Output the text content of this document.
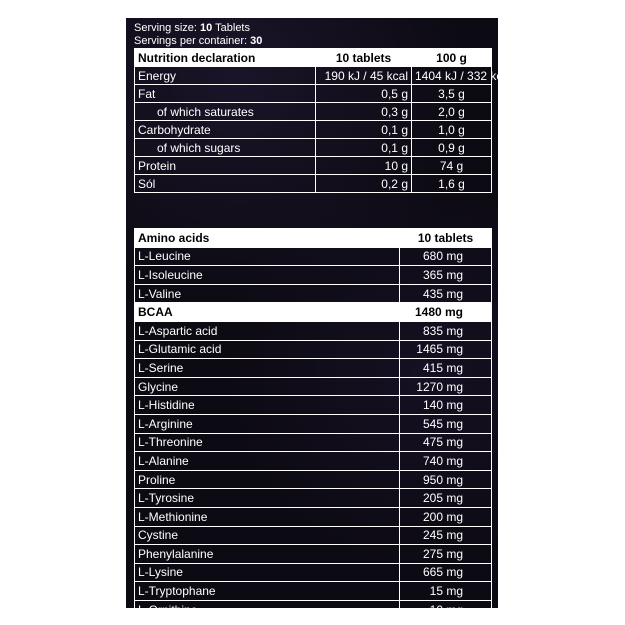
Serving size: 10 Tablets
Servings per container: 30
Nutrition declaration	10 tablets	100 g
Energy	190 kJ / 45 kcal	1404 kJ / 332 kcal
Fat	0,5 g	3,5 g
of which saturates	0,3 g	2,0 g
Carbohydrate	0,1 g	1,0 g
of which sugars	0,1 g	0,9 g
Protein	10 g	74 g
Sól	0,2 g	1,6 g
Amino acids	10 tablets
L-Leucine	680 mg
L-Isoleucine	365 mg
L-Valine	435 mg
BCAA	1480 mg
L-Aspartic acid	835 mg
L-Glutamic acid	1465 mg
L-Serine	415 mg
Glycine	1270 mg
L-Histidine	140 mg
L-Arginine	545 mg
L-Threonine	475 mg
L-Alanine	740 mg
Proline	950 mg
L-Tyrosine	205 mg
L-Methionine	200 mg
Cystine	245 mg
Phenylalanine	275 mg
L-Lysine	665 mg
L-Tryptophane	15 mg
L-Ornithine	10 mg
